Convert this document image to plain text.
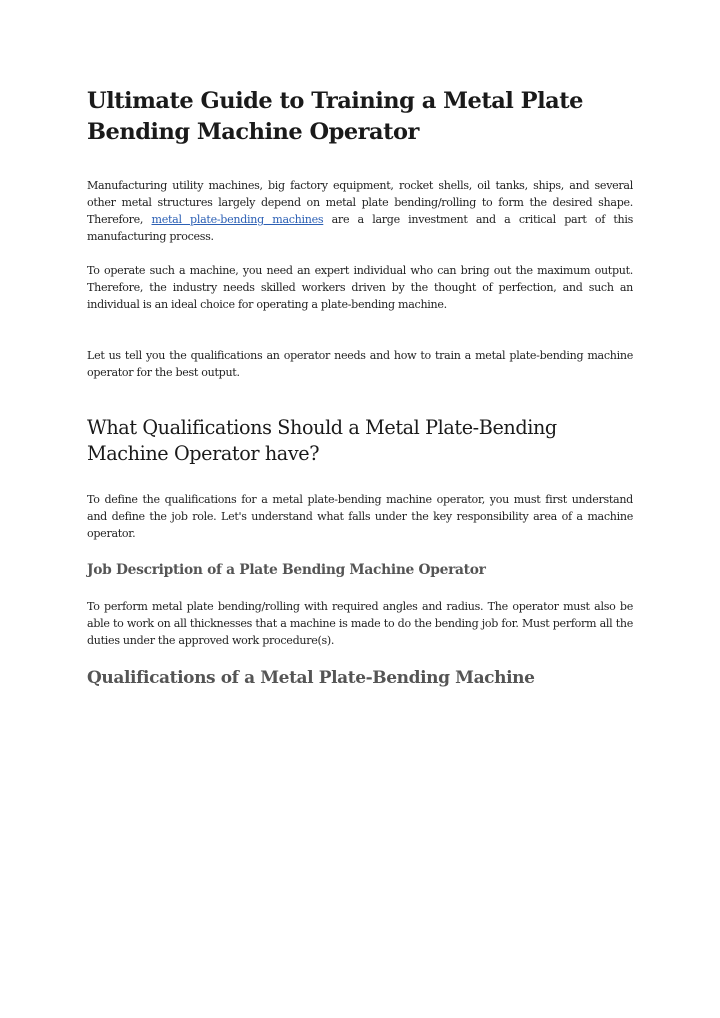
Ultimate Guide to Training a Metal Plate Bending Machine Operator

Manufacturing utility machines, big factory equipment, rocket shells, oil tanks, ships, and several other metal structures largely depend on metal plate bending/rolling to form the desired shape. Therefore, metal plate-bending machines are a large investment and a critical part of this manufacturing process.

To operate such a machine, you need an expert individual who can bring out the maximum output. Therefore, the industry needs skilled workers driven by the thought of perfection, and such an individual is an ideal choice for operating a plate-bending machine.

Let us tell you the qualifications an operator needs and how to train a metal plate-bending machine operator for the best output.

What Qualifications Should a Metal Plate-Bending Machine Operator have?

To define the qualifications for a metal plate-bending machine operator, you must first understand and define the job role. Let's understand what falls under the key responsibility area of a machine operator.

Job Description of a Plate Bending Machine Operator

To perform metal plate bending/rolling with required angles and radius. The operator must also be able to work on all thicknesses that a machine is made to do the bending job for. Must perform all the duties under the approved work procedure(s).

Qualifications of a Metal Plate-Bending Machine
